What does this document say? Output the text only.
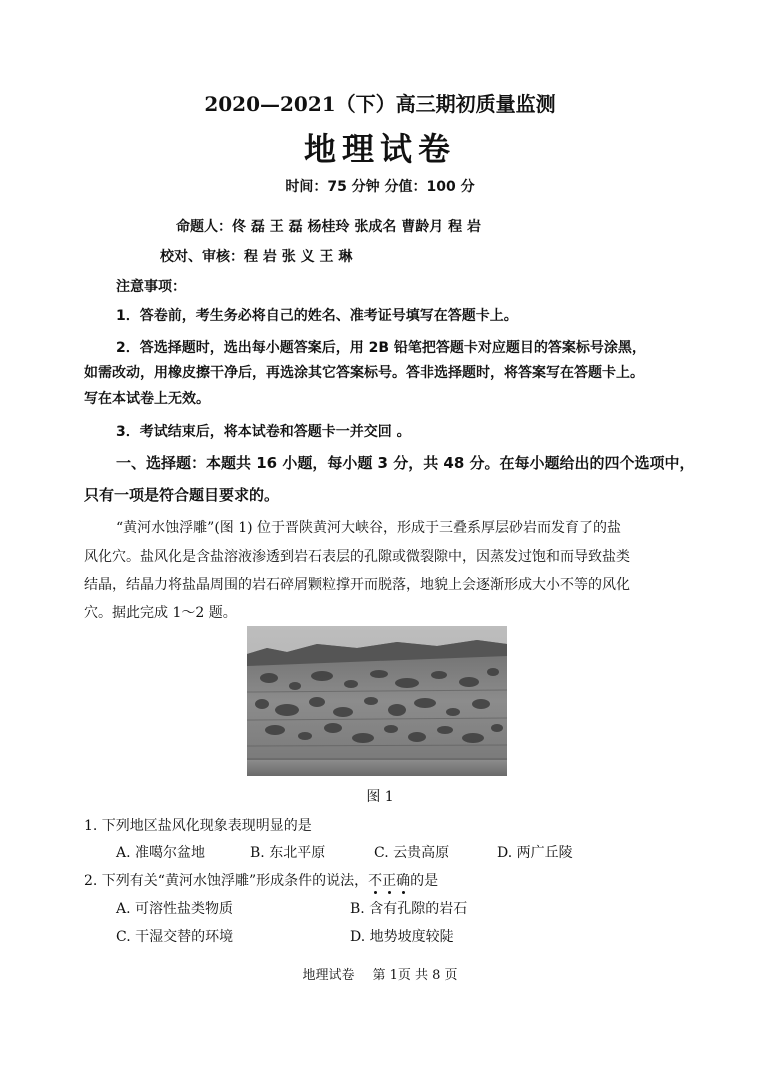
2020—2021（下）高三期初质量监测
地理试卷
时间：75 分钟 分值：100 分
命题人：佟 磊 王 磊 杨桂玲 张成名 曹龄月 程 岩
校对、审核：程 岩 张 义 王 琳
注意事项：
1．答卷前，考生务必将自己的姓名、准考证号填写在答题卡上。
2．答选择题时，选出每小题答案后，用 2B 铅笔把答题卡对应题目的答案标号涂黑，
如需改动，用橡皮擦干净后，再选涂其它答案标号。答非选择题时，将答案写在答题卡上。
写在本试卷上无效。
3．考试结束后，将本试卷和答题卡一并交回 。
一、选择题：本题共 16 小题，每小题 3 分，共 48 分。在每小题给出的四个选项中，
只有一项是符合题目要求的。
“黄河水蚀浮雕”(图 1) 位于晋陕黄河大峡谷，形成于三叠系厚层砂岩而发育了的盐
风化穴。盐风化是含盐溶液渗透到岩石表层的孔隙或微裂隙中，因蒸发过饱和而导致盐类
结晶，结晶力将盐晶周围的岩石碎屑颗粒撑开而脱落，地貌上会逐渐形成大小不等的风化
穴。据此完成 1～2 题。
图 1
1. 下列地区盐风化现象表现明显的是
A. 准噶尔盆地	B. 东北平原	C. 云贵高原	D. 两广丘陵
2. 下列有关“黄河水蚀浮雕”形成条件的说法，不正确的是
A. 可溶性盐类物质	B. 含有孔隙的岩石
C. 干湿交替的环境	D. 地势坡度较陡
地理试卷 第 1页 共 8 页
